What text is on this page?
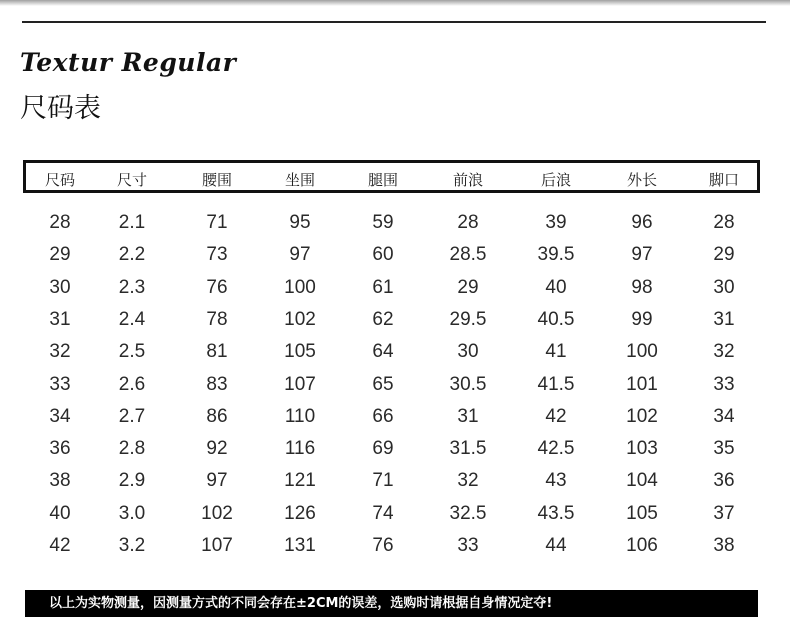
Textur Regular
尺码表
尺码	尺寸	腰围	坐围	腿围	前浪	后浪	外长	脚口
28	2.1	71	95	59	28	39	96	28
29	2.2	73	97	60	28.5	39.5	97	29
30	2.3	76	100	61	29	40	98	30
31	2.4	78	102	62	29.5	40.5	99	31
32	2.5	81	105	64	30	41	100	32
33	2.6	83	107	65	30.5	41.5	101	33
34	2.7	86	110	66	31	42	102	34
36	2.8	92	116	69	31.5	42.5	103	35
38	2.9	97	121	71	32	43	104	36
40	3.0	102	126	74	32.5	43.5	105	37
42	3.2	107	131	76	33	44	106	38
以上为实物测量，因测量方式的不同会存在±2CM的误差，选购时请根据自身情况定夺!
